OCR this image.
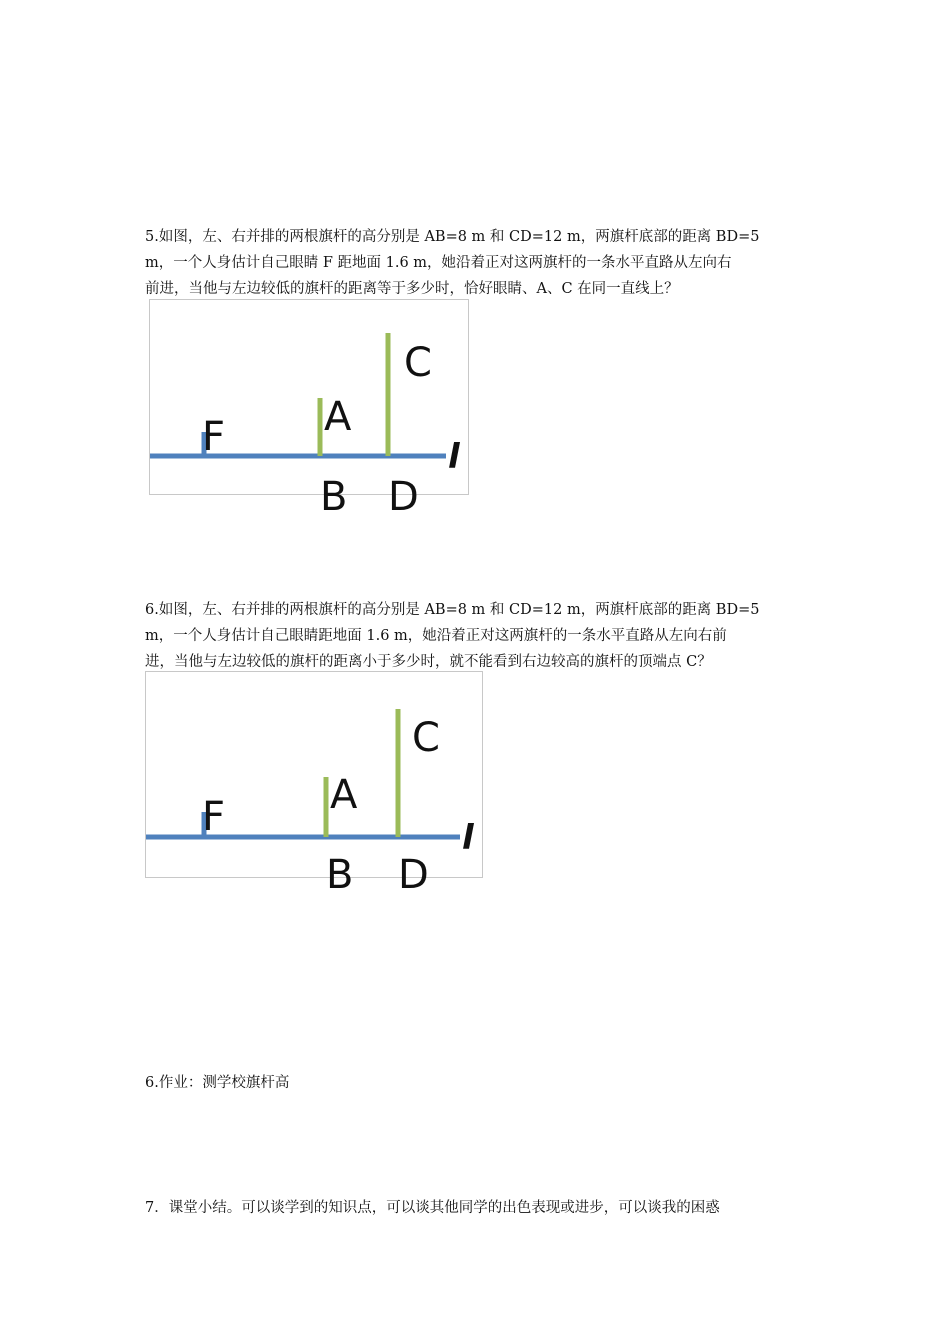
5.如图，左、右并排的两根旗杆的高分别是 AB=8 m 和 CD=12 m，两旗杆底部的距离 BD=5
m，一个人身估计自己眼睛 F 距地面 1.6 m，她沿着正对这两旗杆的一条水平直路从左向右
前进，当他与左边较低的旗杆的距离等于多少时，恰好眼睛、A、C 在同一直线上？
F A
C
B D
l
6.如图，左、右并排的两根旗杆的高分别是 AB=8 m 和 CD=12 m，两旗杆底部的距离 BD=5
m，一个人身估计自己眼睛距地面 1.6 m，她沿着正对这两旗杆的一条水平直路从左向右前
进，当他与左边较低的旗杆的距离小于多少时，就不能看到右边较高的旗杆的顶端点 C？
F	A
C
B D
l
6.作业：测学校旗杆高
7．课堂小结。可以谈学到的知识点，可以谈其他同学的出色表现或进步，可以谈我的困惑
